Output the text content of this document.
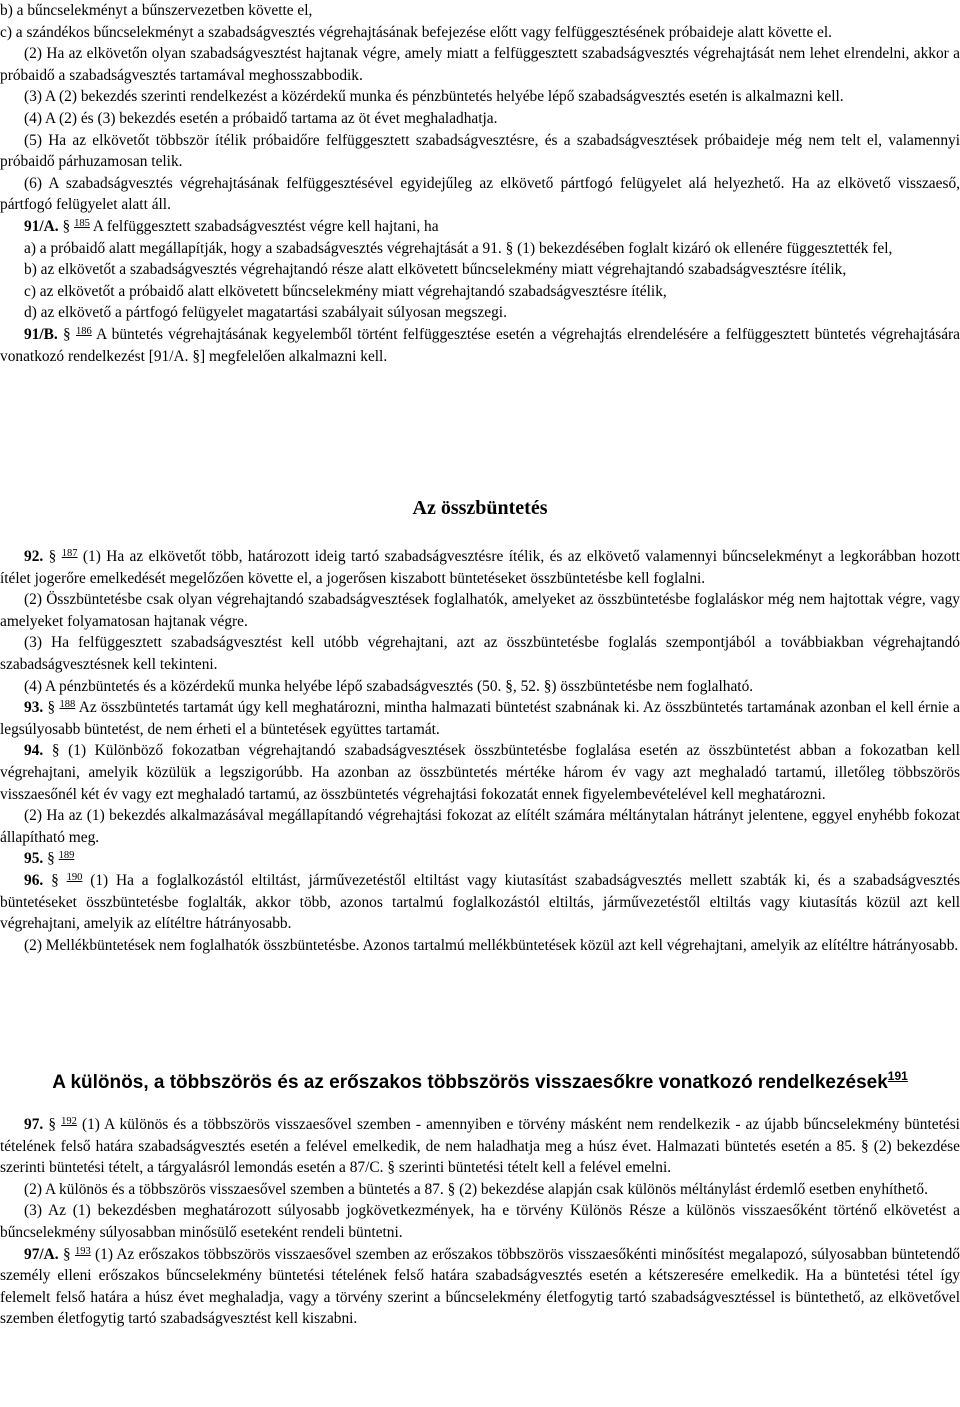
b) a bűncselekményt a bűnszervezetben követte el,

c) a szándékos bűncselekményt a szabadságvesztés végrehajtásának befejezése előtt vagy felfüggesztésének próbaideje alatt követte el.

(2) Ha az elkövetőn olyan szabadságvesztést hajtanak végre, amely miatt a felfüggesztett szabadságvesztés végrehajtását nem lehet elrendelni, akkor a próbaidő a szabadságvesztés tartamával meghosszabbodik.

(3) A (2) bekezdés szerinti rendelkezést a közérdekű munka és pénzbüntetés helyébe lépő szabadságvesztés esetén is alkalmazni kell.

(4) A (2) és (3) bekezdés esetén a próbaidő tartama az öt évet meghaladhatja.

(5) Ha az elkövetőt többször ítélik próbaidőre felfüggesztett szabadságvesztésre, és a szabadságvesztések próbaideje még nem telt el, valamennyi próbaidő párhuzamosan telik.

(6) A szabadságvesztés végrehajtásának felfüggesztésével egyidejűleg az elkövető pártfogó felügyelet alá helyezhető. Ha az elkövető visszaeső, pártfogó felügyelet alatt áll.

91/A. § $^{185}$ A felfüggesztett szabadságvesztést végre kell hajtani, ha

a) a próbaidő alatt megállapítják, hogy a szabadságvesztés végrehajtását a 91. § (1) bekezdésében foglalt kizáró ok ellenére függesztették fel,

b) az elkövetőt a szabadságvesztés végrehajtandó része alatt elkövetett bűncselekmény miatt végrehajtandó szabadságvesztésre ítélik,

c) az elkövetőt a próbaidő alatt elkövetett bűncselekmény miatt végrehajtandó szabadságvesztésre ítélik,

d) az elkövető a pártfogó felügyelet magatartási szabályait súlyosan megszegi.

91/B. § $^{186}$ A büntetés végrehajtásának kegyelemből történt felfüggesztése esetén a végrehajtás elrendelésére a felfüggesztett büntetés végrehajtására vonatkozó rendelkezést [91/A. §] megfelelően alkalmazni kell.

Az összbüntetés

92. § $^{187}$ (1) Ha az elkövetőt több, határozott ideig tartó szabadságvesztésre ítélik, és az elkövető valamennyi bűncselekményt a legkorábban hozott ítélet jogerőre emelkedését megelőzően követte el, a jogerősen kiszabott büntetéseket összbüntetésbe kell foglalni.

(2) Összbüntetésbe csak olyan végrehajtandó szabadságvesztések foglalhatók, amelyeket az összbüntetésbe foglaláskor még nem hajtottak végre, vagy amelyeket folyamatosan hajtanak végre.

(3) Ha felfüggesztett szabadságvesztést kell utóbb végrehajtani, azt az összbüntetésbe foglalás szempontjából a továbbiakban végrehajtandó szabadságvesztésnek kell tekinteni.

(4) A pénzbüntetés és a közérdekű munka helyébe lépő szabadságvesztés (50. §, 52. §) összbüntetésbe nem foglalható.

93. § $^{188}$ Az összbüntetés tartamát úgy kell meghatározni, mintha halmazati büntetést szabnának ki. Az összbüntetés tartamának azonban el kell érnie a legsúlyosabb büntetést, de nem érheti el a büntetések együttes tartamát.

94. § (1) Különböző fokozatban végrehajtandó szabadságvesztések összbüntetésbe foglalása esetén az összbüntetést abban a fokozatban kell végrehajtani, amelyik közülük a legszigorúbb. Ha azonban az összbüntetés mértéke három év vagy azt meghaladó tartamú, illetőleg többszörös visszaesőnél két év vagy ezt meghaladó tartamú, az összbüntetés végrehajtási fokozatát ennek figyelembevételével kell meghatározni.

(2) Ha az (1) bekezdés alkalmazásával megállapítandó végrehajtási fokozat az elítélt számára méltánytalan hátrányt jelentene, eggyel enyhébb fokozat állapítható meg.

95. § $^{189}$

96. § $^{190}$ (1) Ha a foglalkozástól eltiltást, járművezetéstől eltiltást vagy kiutasítást szabadságvesztés mellett szabták ki, és a szabadságvesztés büntetéseket összbüntetésbe foglalták, akkor több, azonos tartalmú foglalkozástól eltiltás, járművezetéstől eltiltás vagy kiutasítás közül azt kell végrehajtani, amelyik az elítéltre hátrányosabb.

(2) Mellékbüntetések nem foglalhatók összbüntetésbe. Azonos tartalmú mellékbüntetések közül azt kell végrehajtani, amelyik az elítéltre hátrányosabb.

A különös, a többszörös és az erőszakos többszörös visszaesőkre vonatkozó rendelkezések$^{191}$

97. § $^{192}$ (1) A különös és a többszörös visszaesővel szemben - amennyiben e törvény másként nem rendelkezik - az újabb bűncselekmény büntetési tételének felső határa szabadságvesztés esetén a felével emelkedik, de nem haladhatja meg a húsz évet. Halmazati büntetés esetén a 85. § (2) bekezdése szerinti büntetési tételt, a tárgyalásról lemondás esetén a 87/C. § szerinti büntetési tételt kell a felével emelni.

(2) A különös és a többszörös visszaesővel szemben a büntetés a 87. § (2) bekezdése alapján csak különös méltánylást érdemlő esetben enyhíthető.

(3) Az (1) bekezdésben meghatározott súlyosabb jogkövetkezmények, ha e törvény Különös Része a különös visszaesőként történő elkövetést a bűncselekmény súlyosabban minősülő eseteként rendeli büntetni.

97/A. § $^{193}$ (1) Az erőszakos többszörös visszaesővel szemben az erőszakos többszörös visszaesőkénti minősítést megalapozó, súlyosabban büntetendő személy elleni erőszakos bűncselekmény büntetési tételének felső határa szabadságvesztés esetén a kétszeresére emelkedik. Ha a büntetési tétel így felemelt felső határa a húsz évet meghaladja, vagy a törvény szerint a bűncselekmény életfogytig tartó szabadságvesztéssel is büntethető, az elkövetővel szemben életfogytig tartó szabadságvesztést kell kiszabni.
